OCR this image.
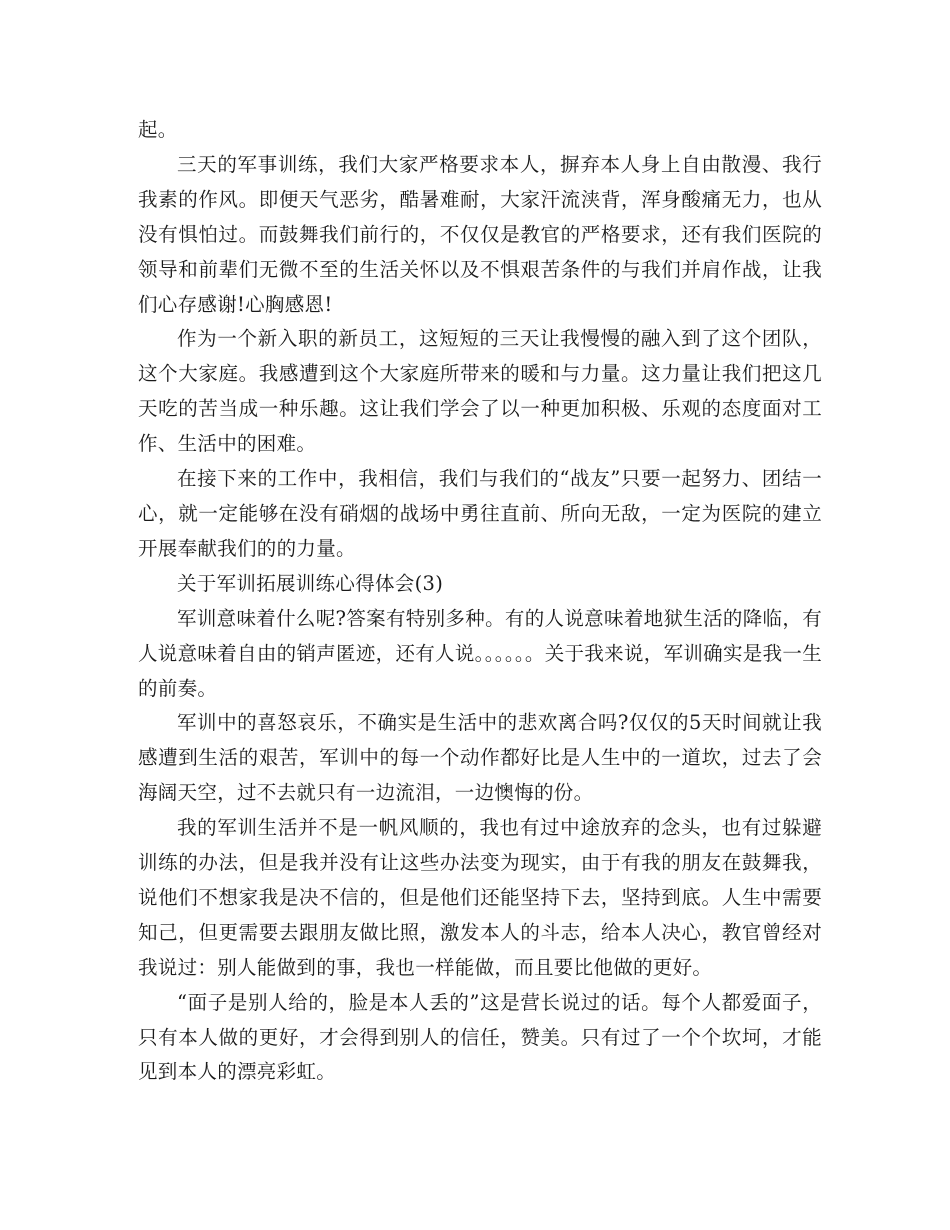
起。

三天的军事训练，我们大家严格要求本人，摒弃本人身上自由散漫、我行我素的作风。即便天气恶劣，酷暑难耐，大家汗流浃背，浑身酸痛无力，也从没有惧怕过。而鼓舞我们前行的，不仅仅是教官的严格要求，还有我们医院的领导和前辈们无微不至的生活关怀以及不惧艰苦条件的与我们并肩作战，让我们心存感谢!心胸感恩!

作为一个新入职的新员工，这短短的三天让我慢慢的融入到了这个团队，这个大家庭。我感遭到这个大家庭所带来的暖和与力量。这力量让我们把这几天吃的苦当成一种乐趣。这让我们学会了以一种更加积极、乐观的态度面对工作、生活中的困难。

在接下来的工作中，我相信，我们与我们的“战友”只要一起努力、团结一心，就一定能够在没有硝烟的战场中勇往直前、所向无敌，一定为医院的建立开展奉献我们的的力量。

关于军训拓展训练心得体会(3)

军训意味着什么呢?答案有特别多种。有的人说意味着地狱生活的降临，有人说意味着自由的销声匿迹，还有人说。。。。。。关于我来说，军训确实是我一生的前奏。

军训中的喜怒哀乐，不确实是生活中的悲欢离合吗?仅仅的5天时间就让我感遭到生活的艰苦，军训中的每一个动作都好比是人生中的一道坎，过去了会海阔天空，过不去就只有一边流泪，一边懊悔的份。

我的军训生活并不是一帆风顺的，我也有过中途放弃的念头，也有过躲避训练的办法，但是我并没有让这些办法变为现实，由于有我的朋友在鼓舞我，说他们不想家我是决不信的，但是他们还能坚持下去，坚持到底。人生中需要知己，但更需要去跟朋友做比照，激发本人的斗志，给本人决心，教官曾经对我说过：别人能做到的事，我也一样能做，而且要比他做的更好。

“面子是别人给的，脸是本人丢的”这是营长说过的话。每个人都爱面子，只有本人做的更好，才会得到别人的信任，赞美。只有过了一个个坎坷，才能见到本人的漂亮彩虹。
